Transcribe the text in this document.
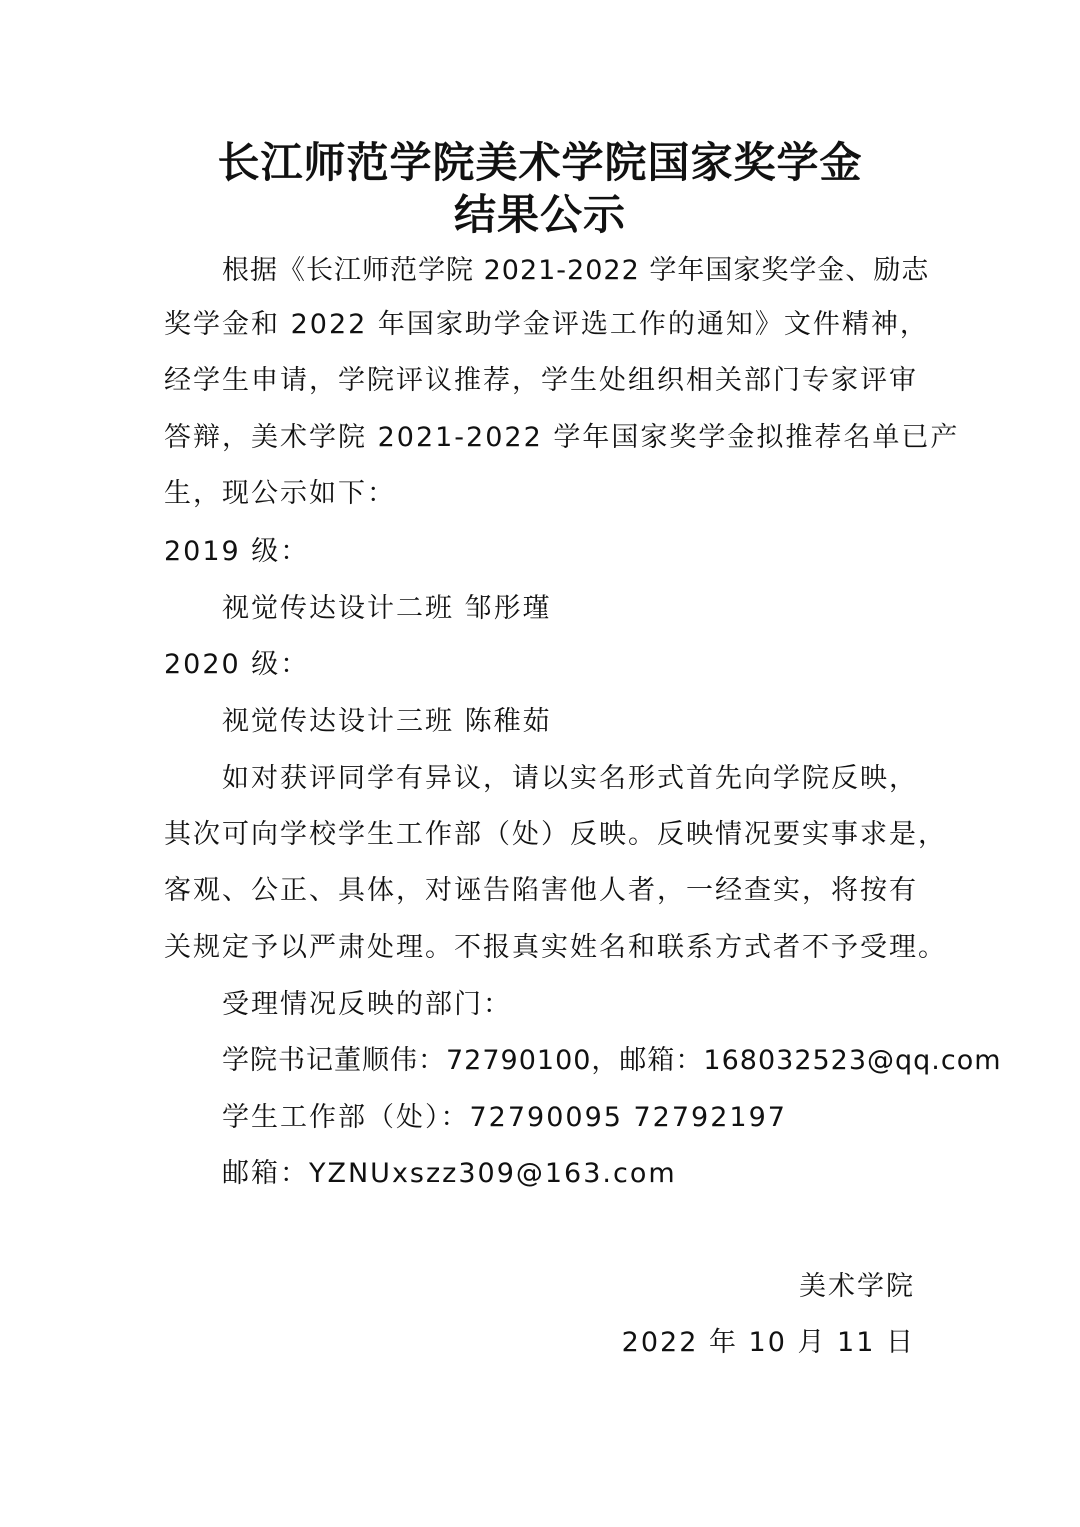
长江师范学院美术学院国家奖学金
结果公示
根据《长江师范学院 2021-2022 学年国家奖学金、励志
奖学金和 2022 年国家助学金评选工作的通知》文件精神，
经学生申请，学院评议推荐，学生处组织相关部门专家评审
答辩，美术学院 2021-2022 学年国家奖学金拟推荐名单已产
生，现公示如下：
2019 级：
视觉传达设计二班 邹彤瑾
2020 级：
视觉传达设计三班 陈稚茹
如对获评同学有异议，请以实名形式首先向学院反映，
其次可向学校学生工作部（处）反映。反映情况要实事求是，
客观、公正、具体，对诬告陷害他人者，一经查实，将按有
关规定予以严肃处理。不报真实姓名和联系方式者不予受理。
受理情况反映的部门：
学院书记董顺伟：72790100，邮箱：168032523@qq.com
学生工作部（处）：72790095 72792197
邮箱：YZNUxszz309@163.com
美术学院
2022 年 10 月 11 日
